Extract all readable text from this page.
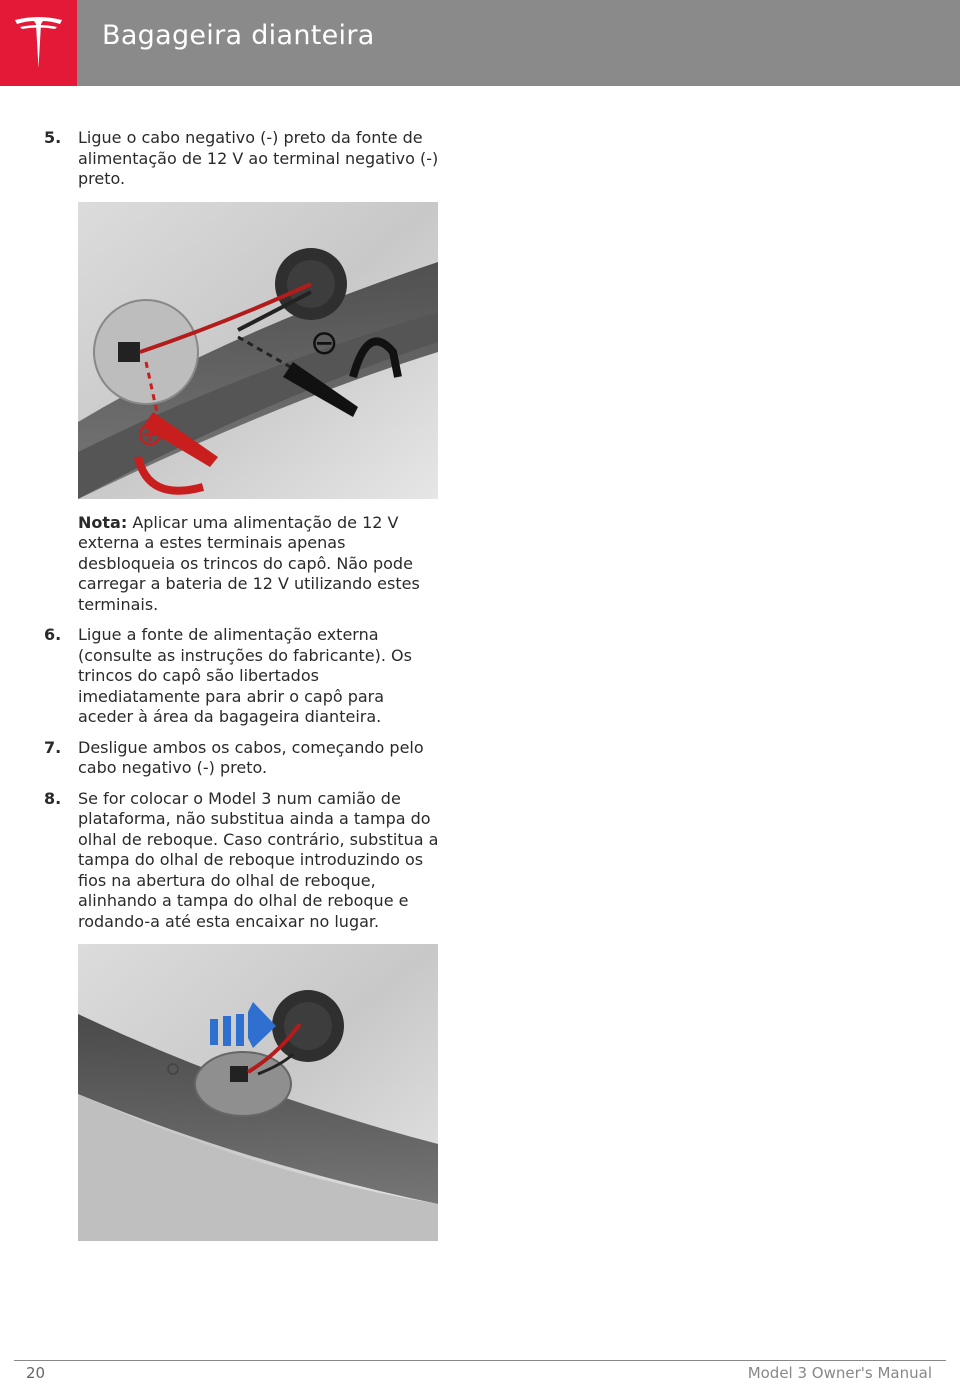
Bagageira dianteira
5. Ligue o cabo negativo (-) preto da fonte de alimentação de 12 V ao terminal negativo (-) preto.
⊖
⊕
Nota: Aplicar uma alimentação de 12 V externa a estes terminais apenas desbloqueia os trincos do capô. Não pode carregar a bateria de 12 V utilizando estes terminais.
6. Ligue a fonte de alimentação externa (consulte as instruções do fabricante). Os trincos do capô são libertados imediatamente para abrir o capô para aceder à área da bagageira dianteira.
7. Desligue ambos os cabos, começando pelo cabo negativo (-) preto.
8. Se for colocar o Model 3 num camião de plataforma, não substitua ainda a tampa do olhal de reboque. Caso contrário, substitua a tampa do olhal de reboque introduzindo os fios na abertura do olhal de reboque, alinhando a tampa do olhal de reboque e rodando-a até esta encaixar no lugar.
20	Model 3 Owner's Manual
